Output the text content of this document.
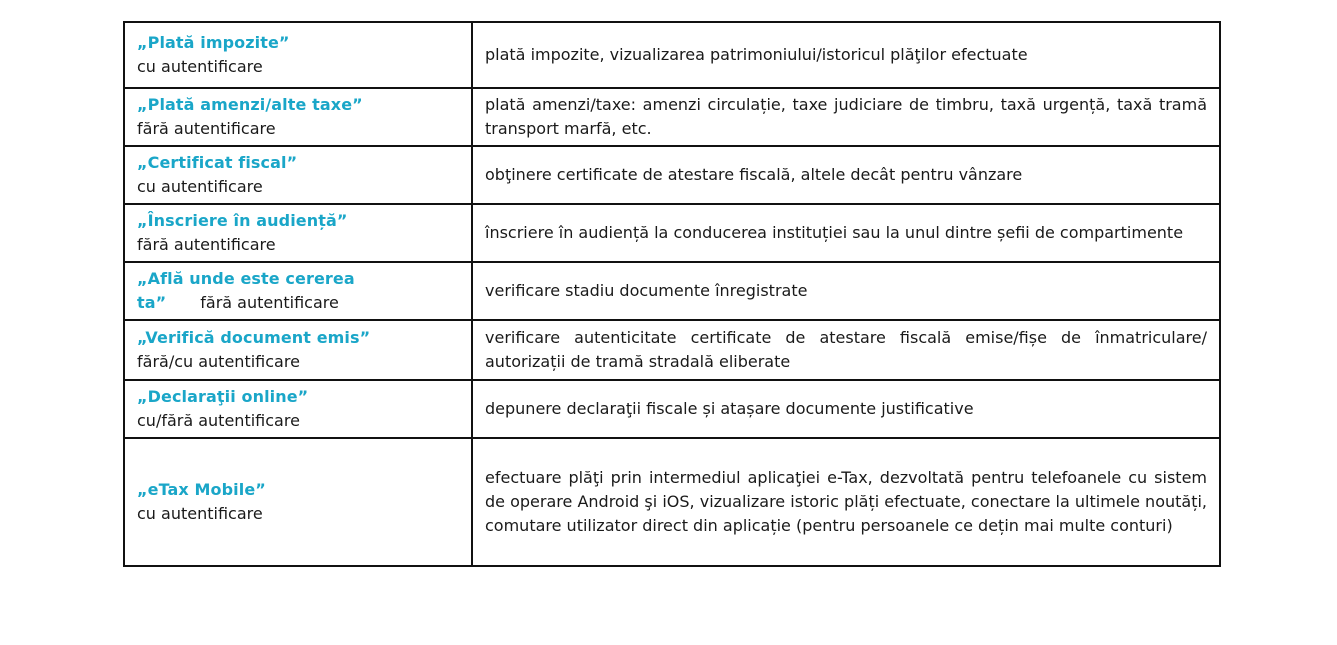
„Plată impozite”
cu autentificare	plată impozite, vizualizarea patrimoniului/istoricul plăţilor efectuate

„Plată amenzi/alte taxe”
fără autentificare	plată amenzi/taxe: amenzi circulație, taxe judiciare de timbru, taxă urgență, taxă tramă transport marfă, etc.

„Certificat fiscal”
cu autentificare	obţinere certificate de atestare fiscală, altele decât pentru vânzare

„Înscriere în audiență”
fără autentificare	înscriere în audiență la conducerea instituției sau la unul dintre șefii de compartimente

„Află unde este cererea
ta” fără autentificare	verificare stadiu documente înregistrate

„Verifică document emis”
fără/cu autentificare	verificare autenticitate certificate de atestare fiscală emise/fișe de înmatriculare/ autorizații de tramă stradală eliberate

„Declaraţii online”
cu/fără autentificare	depunere declaraţii fiscale și atașare documente justificative

„eTax Mobile”
cu autentificare	efectuare plăţi prin intermediul aplicaţiei e-Tax, dezvoltată pentru telefoanele cu sistem de operare Android şi iOS, vizualizare istoric plăți efectuate, conectare la ultimele noutăți, comutare utilizator direct din aplicație (pentru persoanele ce dețin mai multe conturi)
